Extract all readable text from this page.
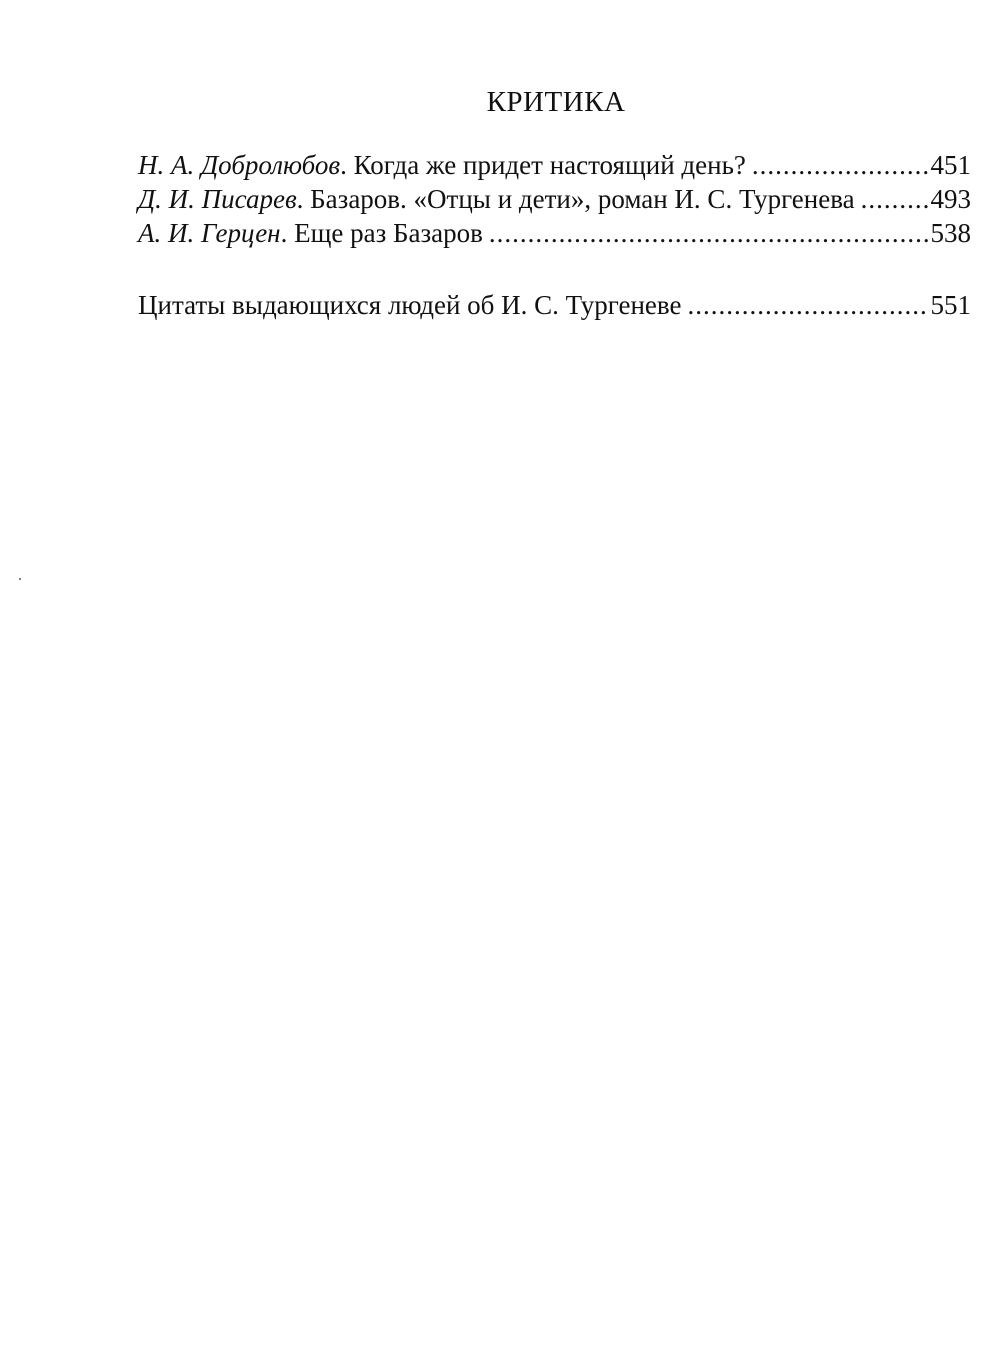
КРИТИКА
Н. А. Добролюбов. Когда же придет настоящий день? .....	451
Д. И. Писарев. Базаров. «Отцы и дети», роман И. С. Тургенева .....	493
А. И. Герцен. Еще раз Базаров .....	538
Цитаты выдающихся людей об И. С. Тургеневе .....	551
